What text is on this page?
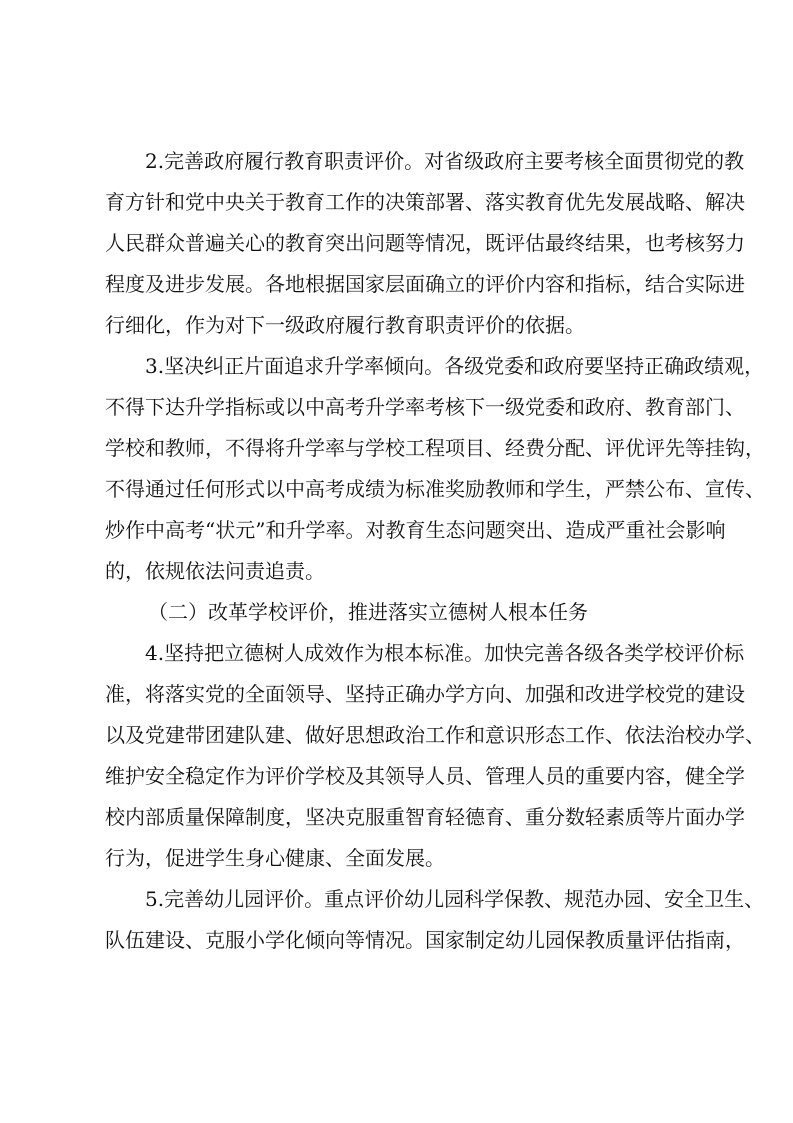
2.完善政府履行教育职责评价。对省级政府主要考核全面贯彻党的教
育方针和党中央关于教育工作的决策部署、落实教育优先发展战略、解决
人民群众普遍关心的教育突出问题等情况，既评估最终结果，也考核努力
程度及进步发展。各地根据国家层面确立的评价内容和指标，结合实际进
行细化，作为对下一级政府履行教育职责评价的依据。
3.坚决纠正片面追求升学率倾向。各级党委和政府要坚持正确政绩观，
不得下达升学指标或以中高考升学率考核下一级党委和政府、教育部门、
学校和教师，不得将升学率与学校工程项目、经费分配、评优评先等挂钩，
不得通过任何形式以中高考成绩为标准奖励教师和学生，严禁公布、宣传、
炒作中高考“状元”和升学率。对教育生态问题突出、造成严重社会影响
的，依规依法问责追责。
（二）改革学校评价，推进落实立德树人根本任务
4.坚持把立德树人成效作为根本标准。加快完善各级各类学校评价标
准，将落实党的全面领导、坚持正确办学方向、加强和改进学校党的建设
以及党建带团建队建、做好思想政治工作和意识形态工作、依法治校办学、
维护安全稳定作为评价学校及其领导人员、管理人员的重要内容，健全学
校内部质量保障制度，坚决克服重智育轻德育、重分数轻素质等片面办学
行为，促进学生身心健康、全面发展。
5.完善幼儿园评价。重点评价幼儿园科学保教、规范办园、安全卫生、
队伍建设、克服小学化倾向等情况。国家制定幼儿园保教质量评估指南，
